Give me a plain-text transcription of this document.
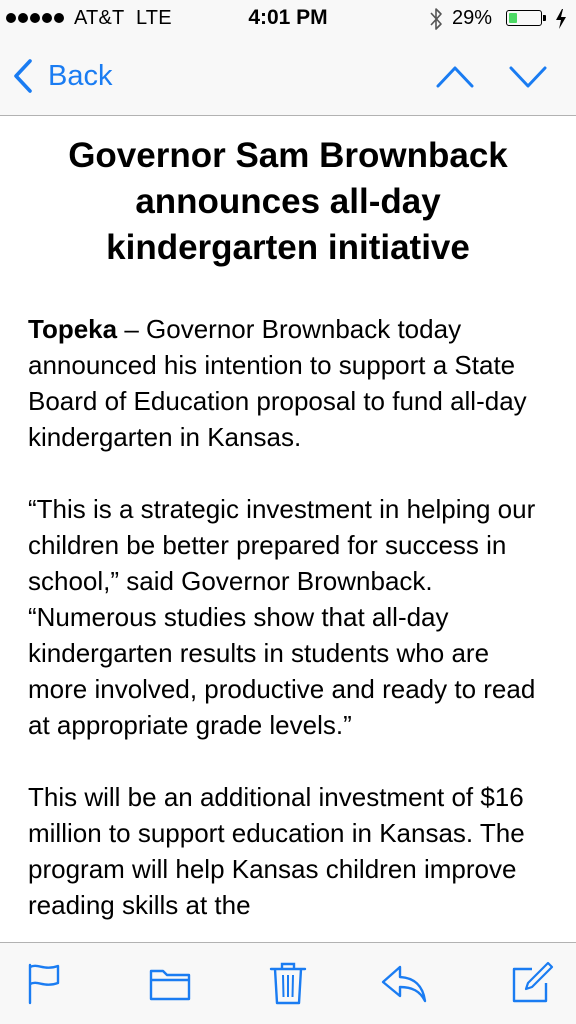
AT&T LTE	4:01 PM	29%
Back
Governor Sam Brownback announces all-day kindergarten initiative

Topeka – Governor Brownback today announced his intention to support a State Board of Education proposal to fund all-day kindergarten in Kansas.

“This is a strategic investment in helping our children be better prepared for success in school,” said Governor Brownback. “Numerous studies show that all-day kindergarten results in students who are more involved, productive and ready to read at appropriate grade levels.”

This will be an additional investment of $16 million to support education in Kansas. The program will help Kansas children improve reading skills at the
